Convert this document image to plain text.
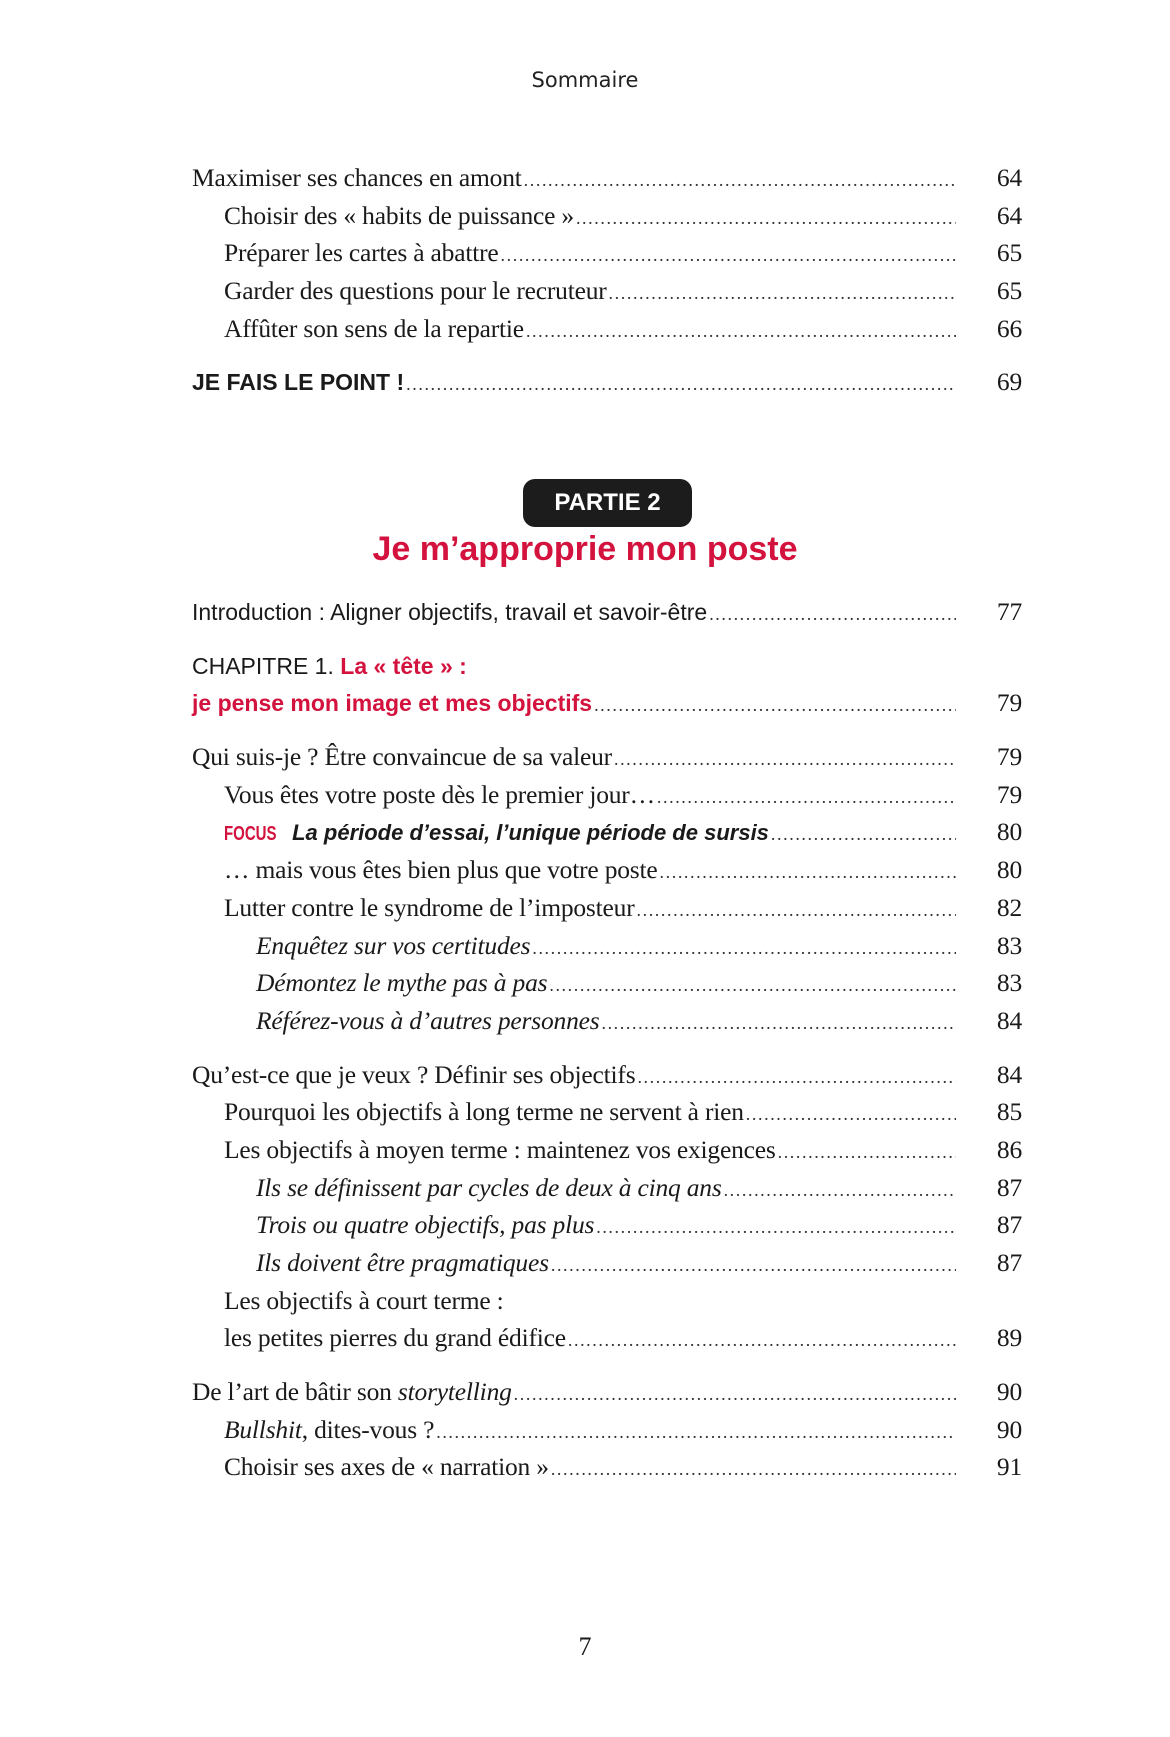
Sommaire
Maximiser ses chances en amont .....	64
Choisir des « habits de puissance » .....	64
Préparer les cartes à abattre .....	65
Garder des questions pour le recruteur .....	65
Affûter son sens de la repartie .....	66
JE FAIS LE POINT ! .....	69
PARTIE 2
Je m’approprie mon poste
Introduction : Aligner objectifs, travail et savoir-être .....	77
CHAPITRE 1. La « tête » :
je pense mon image et mes objectifs .....	79
Qui suis-je ? Être convaincue de sa valeur .....	79
Vous êtes votre poste dès le premier jour… .....	79
FOCUS La période d’essai, l’unique période de sursis .....	80
… mais vous êtes bien plus que votre poste .....	80
Lutter contre le syndrome de l’imposteur .....	82
Enquêtez sur vos certitudes .....	83
Démontez le mythe pas à pas .....	83
Référez-vous à d’autres personnes .....	84
Qu’est-ce que je veux ? Définir ses objectifs .....	84
Pourquoi les objectifs à long terme ne servent à rien .....	85
Les objectifs à moyen terme : maintenez vos exigences .....	86
Ils se définissent par cycles de deux à cinq ans .....	87
Trois ou quatre objectifs, pas plus .....	87
Ils doivent être pragmatiques .....	87
Les objectifs à court terme :
les petites pierres du grand édifice .....	89
De l’art de bâtir son storytelling .....	90
Bullshit, dites-vous ? .....	90
Choisir ses axes de « narration » .....	91
7
